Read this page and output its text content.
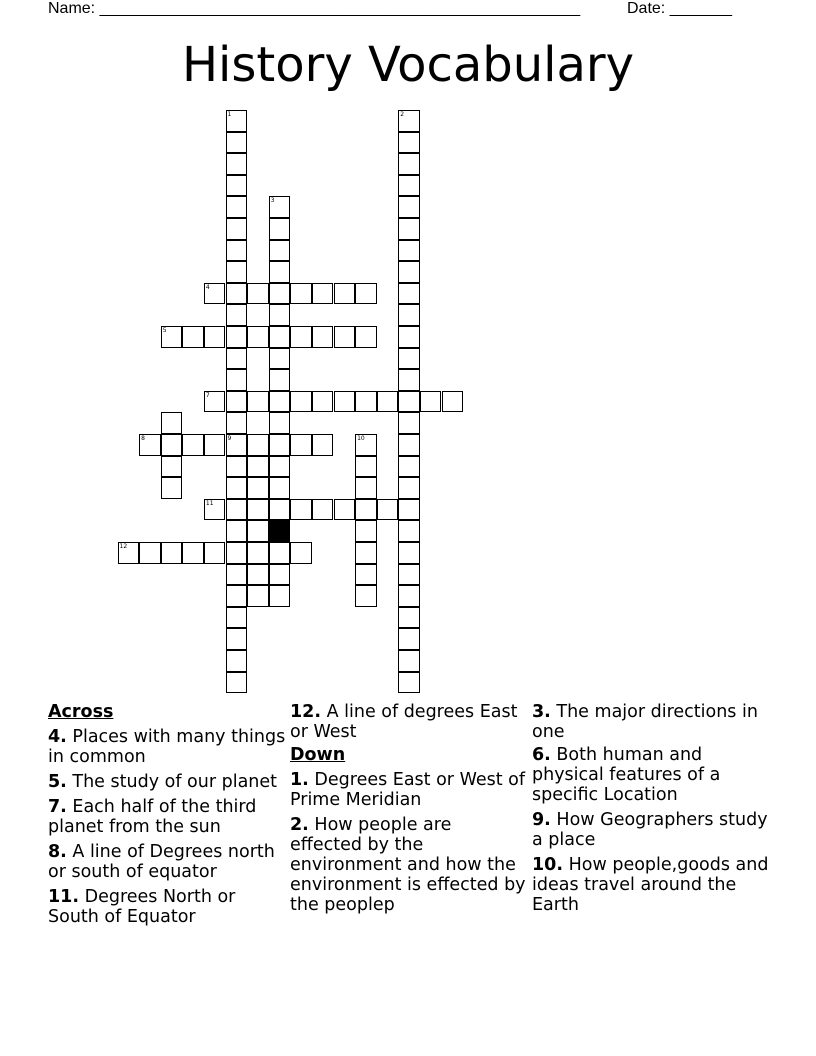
Name: ______________________________________________________	Date: _______
History Vocabulary
1
9
2
3
4
5
7
8
11
12
10
Across
4. Places with many things in common
5. The study of our planet
7. Each half of the third planet from the sun
8. A line of Degrees north or south of equator
11. Degrees North or South of Equator
12. A line of degrees East or West
Down
1. Degrees East or West of Prime Meridian
2. How people are effected by the environment and how the environment is effected by the peoplep
3. The major directions in one
6. Both human and physical features of a specific Location
9. How Geographers study a place
10. How people,goods and ideas travel around the Earth
